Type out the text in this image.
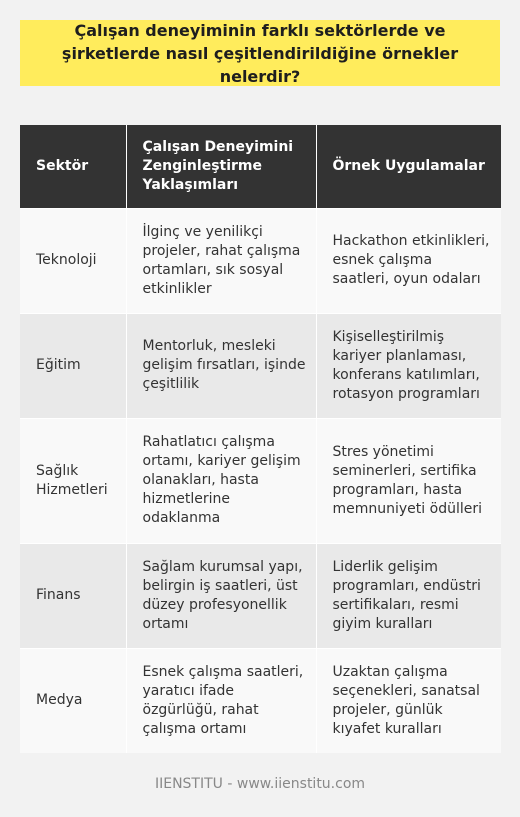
Çalışan deneyiminin farklı sektörlerde ve şirketlerde nasıl çeşitlendirildiğine örnekler nelerdir?
Sektör	Çalışan Deneyimini Zenginleştirme Yaklaşımları	Örnek Uygulamalar
Teknoloji	İlginç ve yenilikçi projeler, rahat çalışma ortamları, sık sosyal etkinlikler	Hackathon etkinlikleri, esnek çalışma saatleri, oyun odaları
Eğitim	Mentorluk, mesleki gelişim fırsatları, işinde çeşitlilik	Kişiselleştirilmiş kariyer planlaması, konferans katılımları, rotasyon programları
Sağlık Hizmetleri	Rahatlatıcı çalışma ortamı, kariyer gelişim olanakları, hasta hizmetlerine odaklanma	Stres yönetimi seminerleri, sertifika programları, hasta memnuniyeti ödülleri
Finans	Sağlam kurumsal yapı, belirgin iş saatleri, üst düzey profesyonellik ortamı	Liderlik gelişim programları, endüstri sertifikaları, resmi giyim kuralları
Medya	Esnek çalışma saatleri, yaratıcı ifade özgürlüğü, rahat çalışma ortamı	Uzaktan çalışma seçenekleri, sanatsal projeler, günlük kıyafet kuralları
IIENSTITU - www.iienstitu.com
